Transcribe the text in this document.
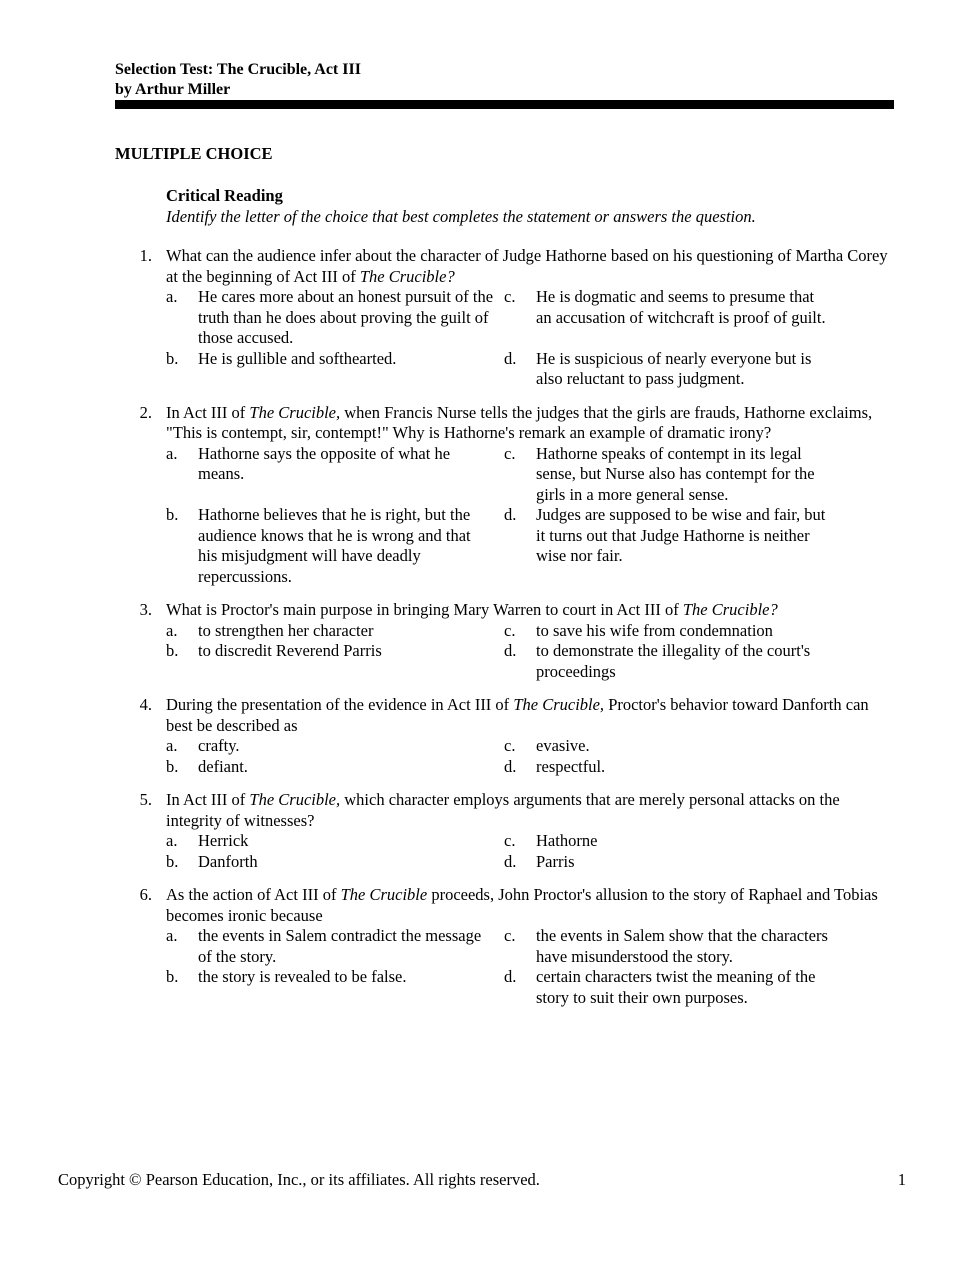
Selection Test: The Crucible, Act III
by Arthur Miller
MULTIPLE CHOICE
Critical Reading
Identify the letter of the choice that best completes the statement or answers the question.
1. What can the audience infer about the character of Judge Hathorne based on his questioning of Martha Corey at the beginning of Act III of The Crucible?
a.	He cares more about an honest pursuit of the truth than he does about proving the guilt of those accused.
c.	He is dogmatic and seems to presume that an accusation of witchcraft is proof of guilt.
b.	He is gullible and softhearted.	d.	He is suspicious of nearly everyone but is also reluctant to pass judgment.
2. In Act III of The Crucible, when Francis Nurse tells the judges that the girls are frauds, Hathorne exclaims, "This is contempt, sir, contempt!" Why is Hathorne's remark an example of dramatic irony?
a.	Hathorne says the opposite of what he means.
c.	Hathorne speaks of contempt in its legal sense, but Nurse also has contempt for the girls in a more general sense.
b.	Hathorne believes that he is right, but the audience knows that he is wrong and that his misjudgment will have deadly repercussions.
d.	Judges are supposed to be wise and fair, but it turns out that Judge Hathorne is neither wise nor fair.
3. What is Proctor's main purpose in bringing Mary Warren to court in Act III of The Crucible?
a.	to strengthen her character	c.	to save his wife from condemnation
b.	to discredit Reverend Parris	d.	to demonstrate the illegality of the court's proceedings
4. During the presentation of the evidence in Act III of The Crucible, Proctor's behavior toward Danforth can best be described as
a.	crafty.	c.	evasive.
b.	defiant.	d.	respectful.
5. In Act III of The Crucible, which character employs arguments that are merely personal attacks on the integrity of witnesses?
a.	Herrick	c.	Hathorne
b.	Danforth	d.	Parris
6. As the action of Act III of The Crucible proceeds, John Proctor's allusion to the story of Raphael and Tobias becomes ironic because
a.	the events in Salem contradict the message of the story.
c.	the events in Salem show that the characters have misunderstood the story.
b.	the story is revealed to be false.	d.	certain characters twist the meaning of the story to suit their own purposes.
Copyright © Pearson Education, Inc., or its affiliates. All rights reserved.	1
